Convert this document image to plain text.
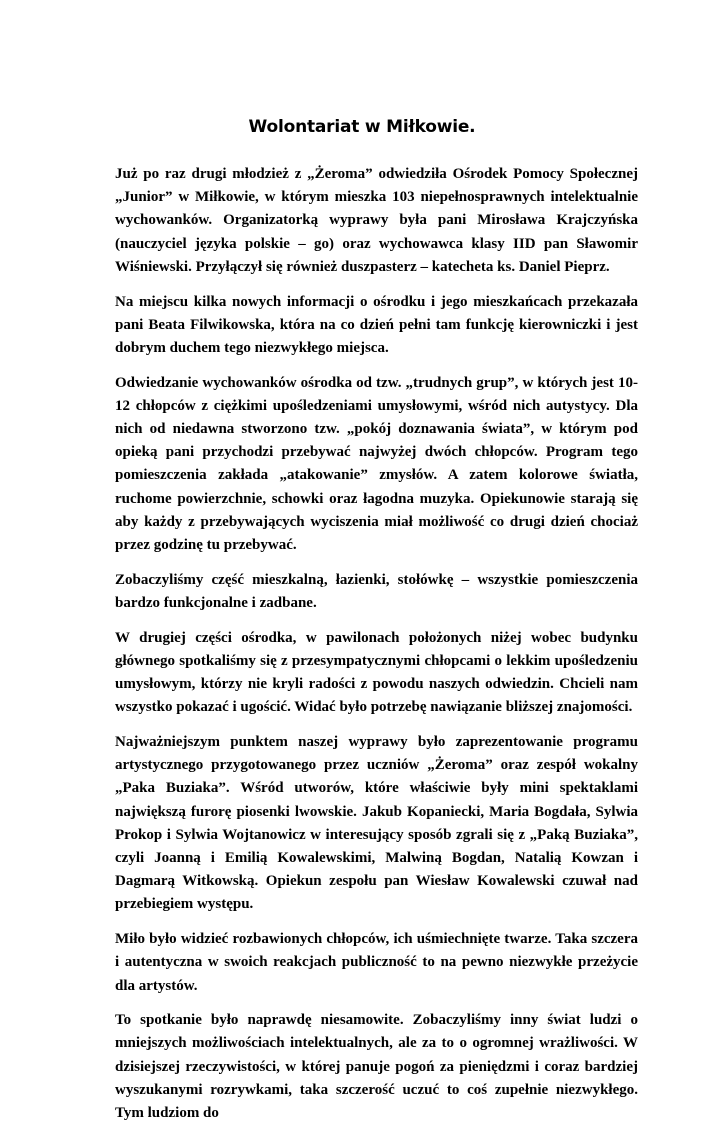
Wolontariat w Miłkowie.

Już po raz drugi młodzież z „Żeroma” odwiedziła Ośrodek Pomocy Społecznej „Junior” w Miłkowie, w którym mieszka 103 niepełnosprawnych intelektualnie wychowanków. Organizatorką wyprawy była pani Mirosława Krajczyńska (nauczyciel języka polskie – go) oraz wychowawca klasy IID pan Sławomir Wiśniewski. Przyłączył się również duszpasterz – katecheta ks. Daniel Pieprz.

Na miejscu kilka nowych informacji o ośrodku i jego mieszkańcach przekazała pani Beata Filwikowska, która na co dzień pełni tam funkcję kierowniczki i jest dobrym duchem tego niezwykłego miejsca.

Odwiedzanie wychowanków ośrodka od tzw. „trudnych grup”, w których jest 10-12 chłopców z ciężkimi upośledzeniami umysłowymi, wśród nich autystycy. Dla nich od niedawna stworzono tzw. „pokój doznawania świata”, w którym pod opieką pani przychodzi przebywać najwyżej dwóch chłopców. Program tego pomieszczenia zakłada „atakowanie” zmysłów. A zatem kolorowe światła, ruchome powierzchnie, schowki oraz łagodna muzyka. Opiekunowie starają się aby każdy z przebywających wyciszenia miał możliwość co drugi dzień chociaż przez godzinę tu przebywać.

Zobaczyliśmy część mieszkalną, łazienki, stołówkę – wszystkie pomieszczenia bardzo funkcjonalne i zadbane.

W drugiej części ośrodka, w pawilonach położonych niżej wobec budynku głównego spotkaliśmy się z przesympatycznymi chłopcami o lekkim upośledzeniu umysłowym, którzy nie kryli radości z powodu naszych odwiedzin. Chcieli nam wszystko pokazać i ugościć. Widać było potrzebę nawiązanie bliższej znajomości.

Najważniejszym punktem naszej wyprawy było zaprezentowanie programu artystycznego przygotowanego przez uczniów „Żeroma” oraz zespół wokalny „Paka Buziaka”. Wśród utworów, które właściwie były mini spektaklami największą furorę piosenki lwowskie. Jakub Kopaniecki, Maria Bogdała, Sylwia Prokop i Sylwia Wojtanowicz w interesujący sposób zgrali się z „Paką Buziaka”, czyli Joanną i Emilią Kowalewskimi, Malwiną Bogdan, Natalią Kowzan i Dagmarą Witkowską. Opiekun zespołu pan Wiesław Kowalewski czuwał nad przebiegiem występu.

Miło było widzieć rozbawionych chłopców, ich uśmiechnięte twarze. Taka szczera i autentyczna w swoich reakcjach publiczność to na pewno niezwykłe przeżycie dla artystów.

To spotkanie było naprawdę niesamowite. Zobaczyliśmy inny świat ludzi o mniejszych możliwościach intelektualnych, ale za to o ogromnej wrażliwości. W dzisiejszej rzeczywistości, w której panuje pogoń za pieniędzmi i coraz bardziej wyszukanymi rozrywkami, taka szczerość uczuć to coś zupełnie niezwykłego. Tym ludziom do
